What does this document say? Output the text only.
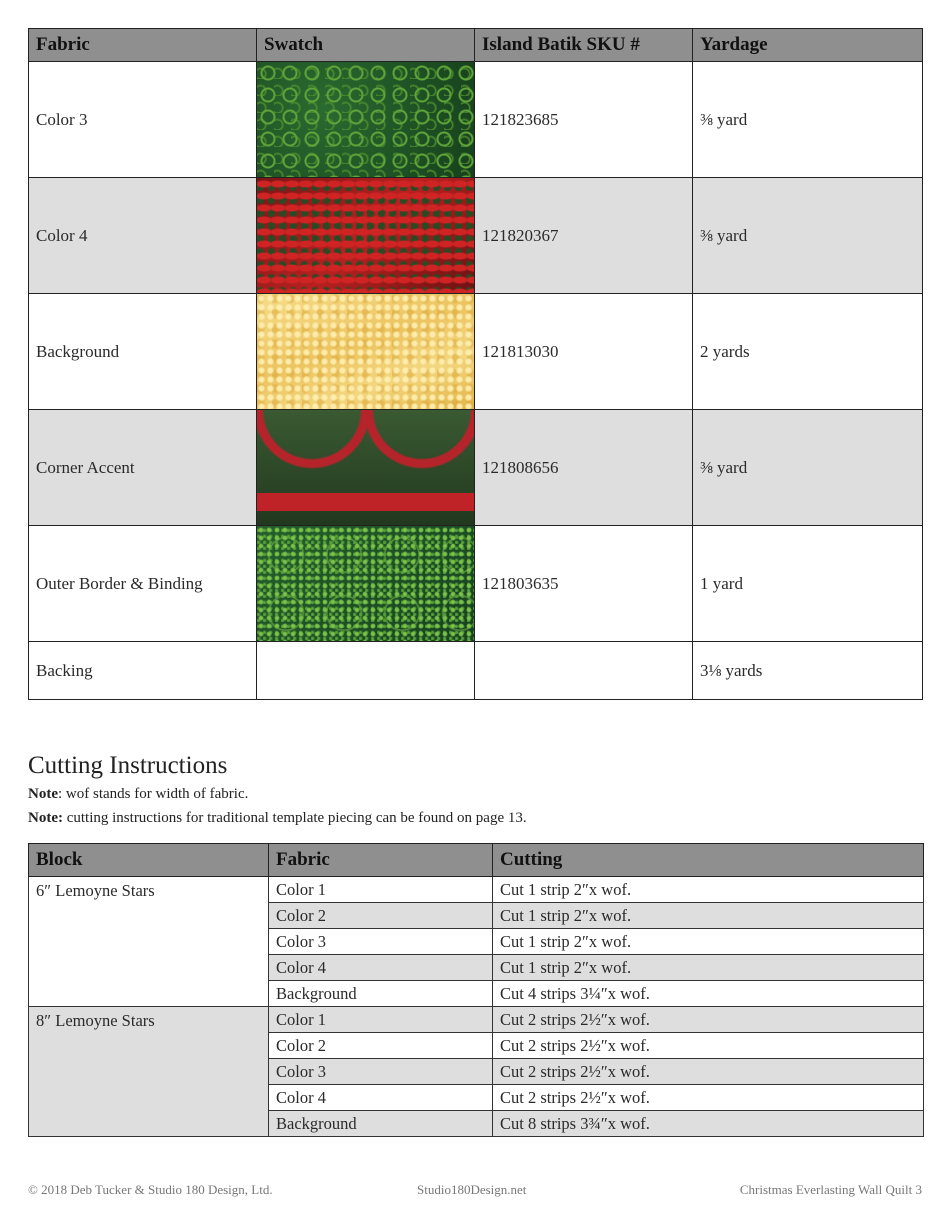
Fabric	Swatch	Island Batik SKU #	Yardage
Color 3		121823685	⅜ yard
Color 4		121820367	⅜ yard
Background		121813030	2 yards
Corner Accent		121808656	⅜ yard
Outer Border & Binding		121803635	1 yard
Backing			3⅛ yards
Cutting Instructions

Note: wof stands for width of fabric.

Note: cutting instructions for traditional template piecing can be found on page 13.

Block	Fabric	Cutting
6″ Lemoyne Stars	Color 1	Cut 1 strip 2″x wof.
	Color 2	Cut 1 strip 2″x wof.
	Color 3	Cut 1 strip 2″x wof.
	Color 4	Cut 1 strip 2″x wof.
	Background	Cut 4 strips 3¼″x wof.
8″ Lemoyne Stars	Color 1	Cut 2 strips 2½″x wof.
	Color 2	Cut 2 strips 2½″x wof.
	Color 3	Cut 2 strips 2½″x wof.
	Color 4	Cut 2 strips 2½″x wof.
	Background	Cut 8 strips 3¾″x wof.
© 2018 Deb Tucker & Studio 180 Design, Ltd.	Studio180Design.net	Christmas Everlasting Wall Quilt 3
